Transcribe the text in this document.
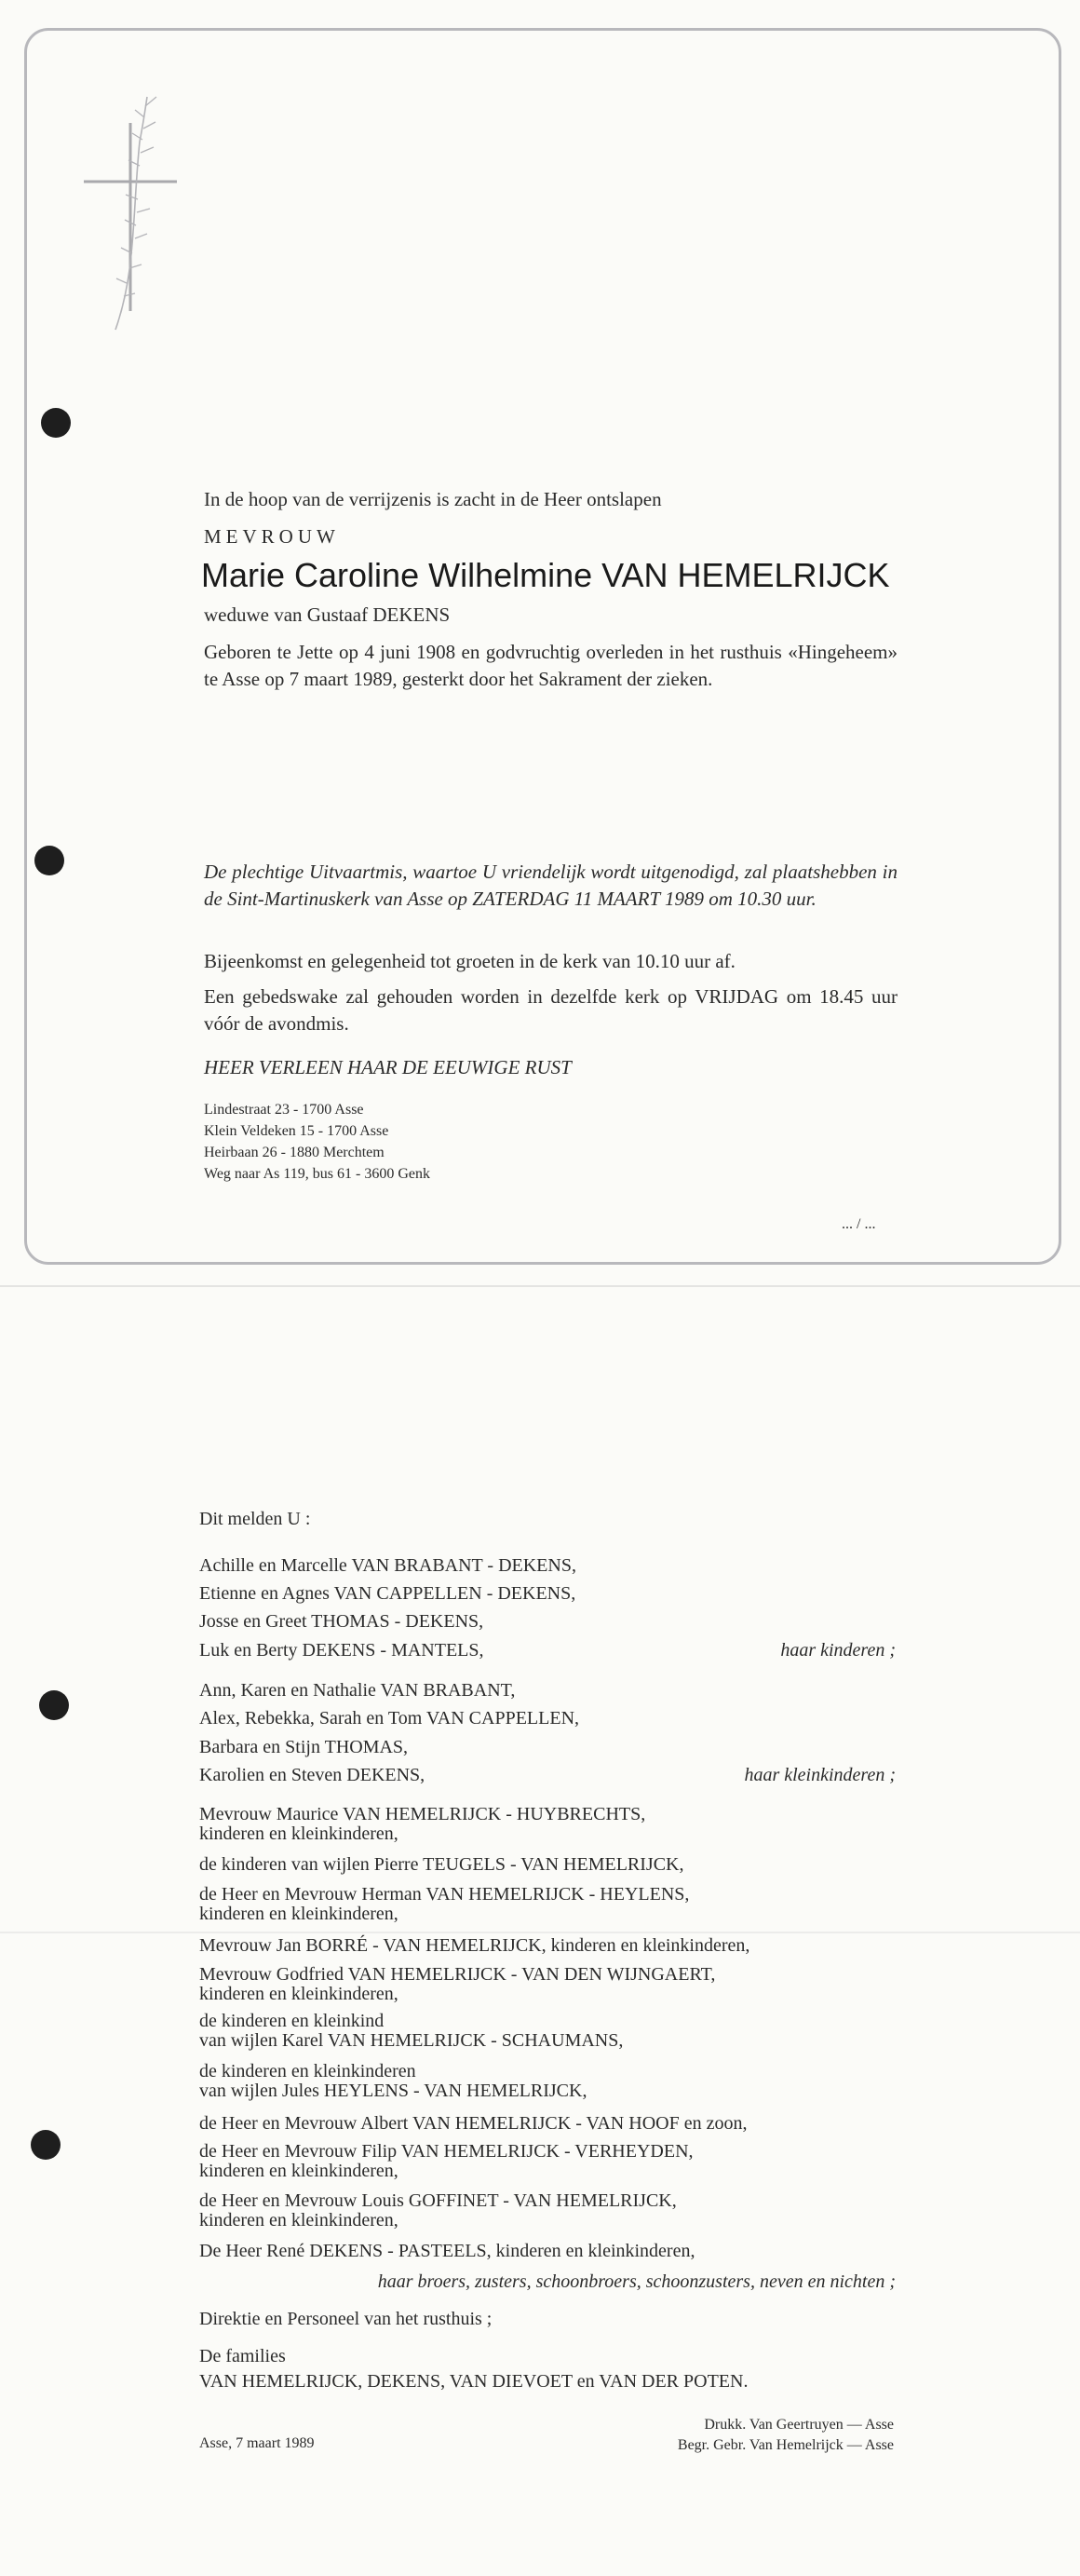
In de hoop van de verrijzenis is zacht in de Heer ontslapen
MEVROUW
Marie Caroline Wilhelmine VAN HEMELRIJCK
weduwe van Gustaaf DEKENS
Geboren te Jette op 4 juni 1908 en godvruchtig overleden in het rusthuis «Hingeheem» te Asse op 7 maart 1989, gesterkt door het Sakrament der zieken.
De plechtige Uitvaartmis, waartoe U vriendelijk wordt uitgenodigd, zal plaatshebben in de Sint-Martinuskerk van Asse op ZATERDAG 11 MAART 1989 om 10.30 uur.
Bijeenkomst en gelegenheid tot groeten in de kerk van 10.10 uur af.
Een gebedswake zal gehouden worden in dezelfde kerk op VRIJDAG om 18.45 uur vóór de avondmis.
HEER VERLEEN HAAR DE EEUWIGE RUST
Lindestraat 23 - 1700 Asse
Klein Veldeken 15 - 1700 Asse
Heirbaan 26 - 1880 Merchtem
Weg naar As 119, bus 61 - 3600 Genk
... / ...
Dit melden U :
Achille en Marcelle VAN BRABANT - DEKENS,
Etienne en Agnes VAN CAPPELLEN - DEKENS,
Josse en Greet THOMAS - DEKENS,
Luk en Berty DEKENS - MANTELS,	haar kinderen ;
Ann, Karen en Nathalie VAN BRABANT,
Alex, Rebekka, Sarah en Tom VAN CAPPELLEN,
Barbara en Stijn THOMAS,
Karolien en Steven DEKENS,	haar kleinkinderen ;
Mevrouw Maurice VAN HEMELRIJCK - HUYBRECHTS,
kinderen en kleinkinderen,
de kinderen van wijlen Pierre TEUGELS - VAN HEMELRIJCK,
de Heer en Mevrouw Herman VAN HEMELRIJCK - HEYLENS,
kinderen en kleinkinderen,
Mevrouw Jan BORRÉ - VAN HEMELRIJCK, kinderen en kleinkinderen,
Mevrouw Godfried VAN HEMELRIJCK - VAN DEN WIJNGAERT,
kinderen en kleinkinderen,
de kinderen en kleinkind
van wijlen Karel VAN HEMELRIJCK - SCHAUMANS,
de kinderen en kleinkinderen
van wijlen Jules HEYLENS - VAN HEMELRIJCK,
de Heer en Mevrouw Albert VAN HEMELRIJCK - VAN HOOF en zoon,
de Heer en Mevrouw Filip VAN HEMELRIJCK - VERHEYDEN,
kinderen en kleinkinderen,
de Heer en Mevrouw Louis GOFFINET - VAN HEMELRIJCK,
kinderen en kleinkinderen,
De Heer René DEKENS - PASTEELS, kinderen en kleinkinderen,
haar broers, zusters, schoonbroers, schoonzusters, neven en nichten ;
Direktie en Personeel van het rusthuis ;
De families
VAN HEMELRIJCK, DEKENS, VAN DIEVOET en VAN DER POTEN.
Asse, 7 maart 1989
Drukk. Van Geertruyen — Asse
Begr. Gebr. Van Hemelrijck — Asse
